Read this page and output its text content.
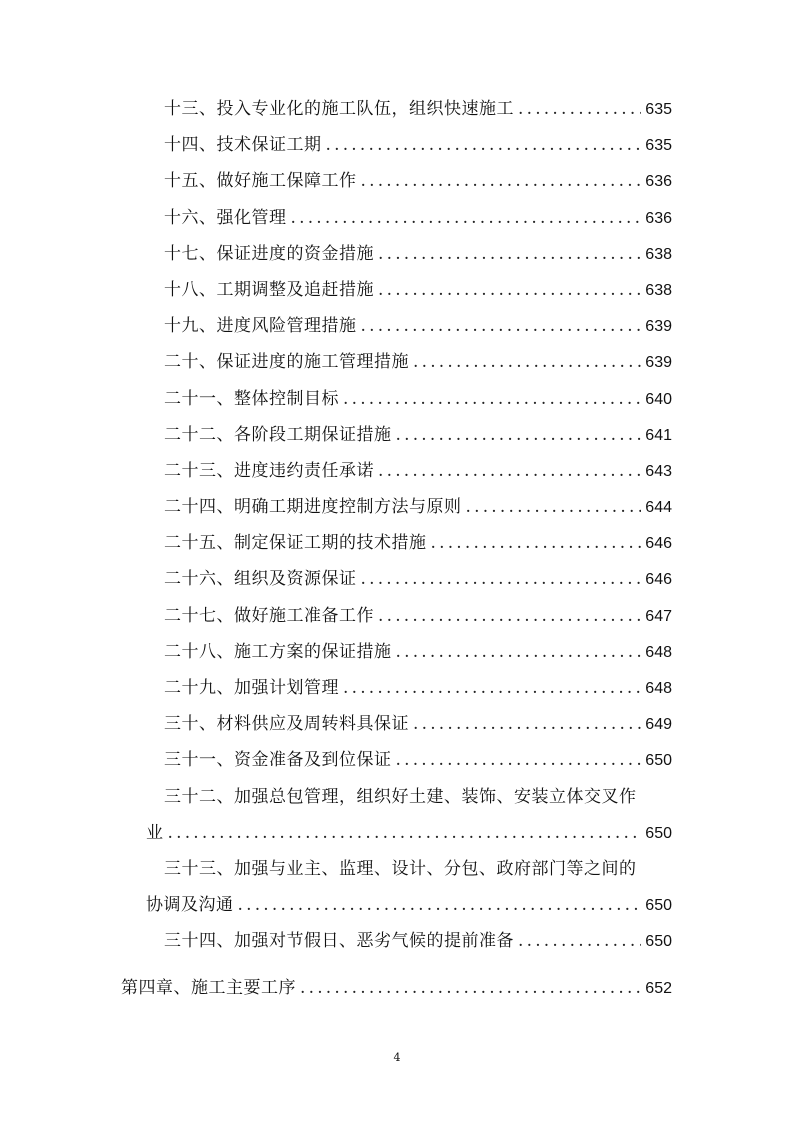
十三、投入专业化的施工队伍，组织快速施工 .....	635
十四、技术保证工期 .....	635
十五、做好施工保障工作 .....	636
十六、强化管理 .....	636
十七、保证进度的资金措施 .....	638
十八、工期调整及追赶措施 .....	638
十九、进度风险管理措施 .....	639
二十、保证进度的施工管理措施 .....	639
二十一、整体控制目标 .....	640
二十二、各阶段工期保证措施 .....	641
二十三、进度违约责任承诺 .....	643
二十四、明确工期进度控制方法与原则 .....	644
二十五、制定保证工期的技术措施 .....	646
二十六、组织及资源保证 .....	646
二十七、做好施工准备工作 .....	647
二十八、施工方案的保证措施 .....	648
二十九、加强计划管理 .....	648
三十、材料供应及周转料具保证 .....	649
三十一、资金准备及到位保证 .....	650
三十二、加强总包管理，组织好土建、装饰、安装立体交叉作
业 .....	650
三十三、加强与业主、监理、设计、分包、政府部门等之间的
协调及沟通 .....	650
三十四、加强对节假日、恶劣气候的提前准备 .....	650
第四章、施工主要工序 .....	652
4
